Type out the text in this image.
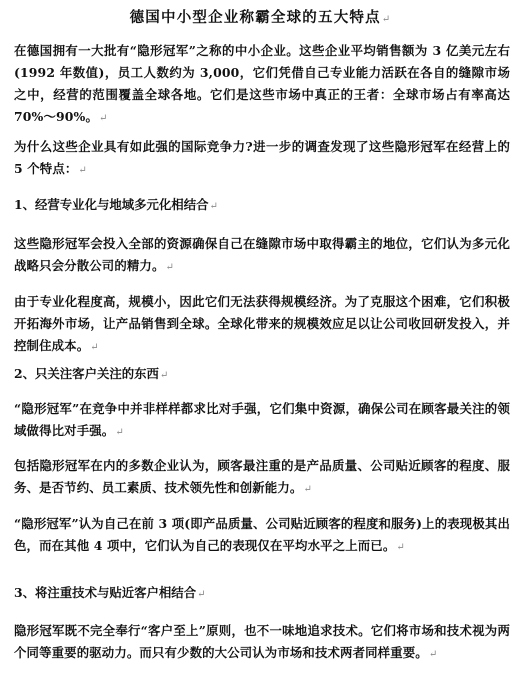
德国中小型企业称霸全球的五大特点↵
在德国拥有一大批有“隐形冠军”之称的中小企业。这些企业平均销售额为 3 亿美元左右(1992 年数值)，员工人数约为 3,000，它们凭借自己专业能力活跃在各自的缝隙市场之中，经营的范围覆盖全球各地。它们是这些市场中真正的王者：全球市场占有率高达 70%～90%。↵
为什么这些企业具有如此强的国际竞争力?进一步的调查发现了这些隐形冠军在经营上的 5 个特点：↵
1、经营专业化与地域多元化相结合↵
这些隐形冠军会投入全部的资源确保自己在缝隙市场中取得霸主的地位，它们认为多元化战略只会分散公司的精力。↵
由于专业化程度高，规模小，因此它们无法获得规模经济。为了克服这个困难，它们积极开拓海外市场，让产品销售到全球。全球化带来的规模效应足以让公司收回研发投入，并控制住成本。↵
2、只关注客户关注的东西↵
“隐形冠军”在竞争中并非样样都求比对手强，它们集中资源，确保公司在顾客最关注的领域做得比对手强。↵
包括隐形冠军在内的多数企业认为，顾客最注重的是产品质量、公司贴近顾客的程度、服务、是否节约、员工素质、技术领先性和创新能力。↵
“隐形冠军”认为自己在前 3 项(即产品质量、公司贴近顾客的程度和服务)上的表现极其出色，而在其他 4 项中，它们认为自己的表现仅在平均水平之上而已。↵
3、将注重技术与贴近客户相结合↵
隐形冠军既不完全奉行“客户至上”原则，也不一味地追求技术。它们将市场和技术视为两个同等重要的驱动力。而只有少数的大公司认为市场和技术两者同样重要。↵
